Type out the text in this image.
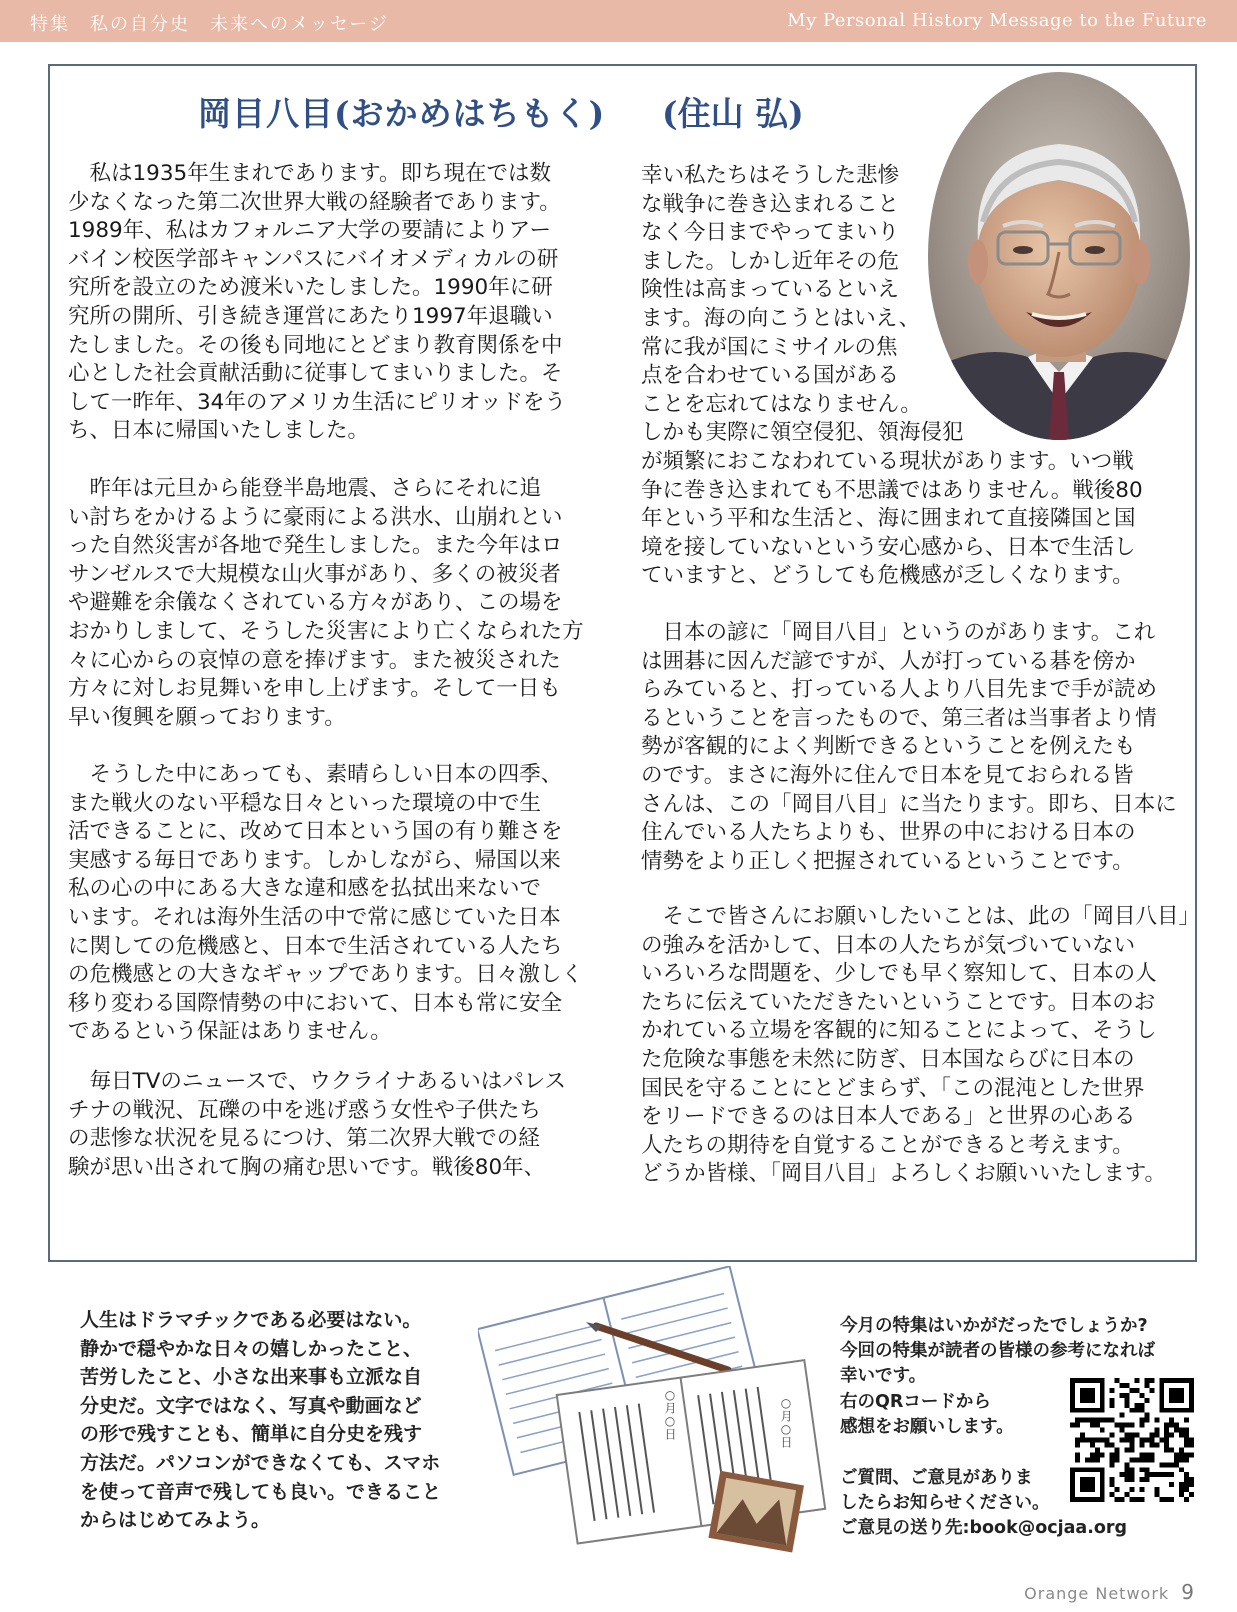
特集　私の自分史　未来へのメッセージ	My Personal History Message to the Future
岡目八目(おかめはちもく) (住山 弘)

　私は1935年生まれであります。即ち現在では数
少なくなった第二次世界大戦の経験者であります。
1989年、私はカフォルニア大学の要請によりアー
バイン校医学部キャンパスにバイオメディカルの研
究所を設立のため渡米いたしました。1990年に研
究所の開所、引き続き運営にあたり1997年退職い
たしました。その後も同地にとどまり教育関係を中
心とした社会貢献活動に従事してまいりました。そ
して一昨年、34年のアメリカ生活にピリオッドをう
ち、日本に帰国いたしました。

　昨年は元旦から能登半島地震、さらにそれに追
い討ちをかけるように豪雨による洪水、山崩れとい
った自然災害が各地で発生しました。また今年はロ
サンゼルスで大規模な山火事があり、多くの被災者
や避難を余儀なくされている方々があり、この場を
おかりしまして、そうした災害により亡くなられた方
々に心からの哀悼の意を捧げます。また被災された
方々に対しお見舞いを申し上げます。そして一日も
早い復興を願っております。

　そうした中にあっても、素晴らしい日本の四季、
また戦火のない平穏な日々といった環境の中で生
活できることに、改めて日本という国の有り難さを
実感する毎日であります。しかしながら、帰国以来
私の心の中にある大きな違和感を払拭出来ないで
います。それは海外生活の中で常に感じていた日本
に関しての危機感と、日本で生活されている人たち
の危機感との大きなギャップであります。日々激しく
移り変わる国際情勢の中において、日本も常に安全
であるという保証はありません。

　毎日TVのニュースで、ウクライナあるいはパレス
チナの戦況、瓦礫の中を逃げ惑う女性や子供たち
の悲惨な状況を見るにつけ、第二次界大戦での経
験が思い出されて胸の痛む思いです。戦後80年、

幸い私たちはそうした悲惨
な戦争に巻き込まれること
なく今日までやってまいり
ました。しかし近年その危
険性は高まっているといえ
ます。海の向こうとはいえ、
常に我が国にミサイルの焦
点を合わせている国がある
ことを忘れてはなりません。
しかも実際に領空侵犯、領海侵犯
が頻繁におこなわれている現状があります。いつ戦
争に巻き込まれても不思議ではありません。戦後80
年という平和な生活と、海に囲まれて直接隣国と国
境を接していないという安心感から、日本で生活し
ていますと、どうしても危機感が乏しくなります。

　日本の諺に「岡目八目」というのがあります。これ
は囲碁に因んだ諺ですが、人が打っている碁を傍か
らみていると、打っている人より八目先まで手が読め
るということを言ったもので、第三者は当事者より情
勢が客観的によく判断できるということを例えたも
のです。まさに海外に住んで日本を見ておられる皆
さんは、この「岡目八目」に当たります。即ち、日本に
住んでいる人たちよりも、世界の中における日本の
情勢をより正しく把握されているということです。

　そこで皆さんにお願いしたいことは、此の「岡目八目」
の強みを活かして、日本の人たちが気づいていない
いろいろな問題を、少しでも早く察知して、日本の人
たちに伝えていただきたいということです。日本のお
かれている立場を客観的に知ることによって、そうし
た危険な事態を未然に防ぎ、日本国ならびに日本の
国民を守ることにとどまらず、「この混沌とした世界
をリードできるのは日本人である」と世界の心ある
人たちの期待を自覚することができると考えます。
どうか皆様、「岡目八目」よろしくお願いいたします。

人生はドラマチックである必要はない。
静かで穏やかな日々の嬉しかったこと、
苦労したこと、小さな出来事も立派な自
分史だ。文字ではなく、写真や動画など
の形で残すことも、簡単に自分史を残す
方法だ。パソコンができなくても、スマホ
を使って音声で残しても良い。できること
からはじめてみよう。

○月○日	○月○日

今月の特集はいかがだったでしょうか?
今回の特集が読者の皆様の参考になれば
幸いです。
右のQRコードから
感想をお願いします。

ご質問、ご意見がありま
したらお知らせください。
ご意見の送り先:book@ocjaa.org

Orange Network 9
